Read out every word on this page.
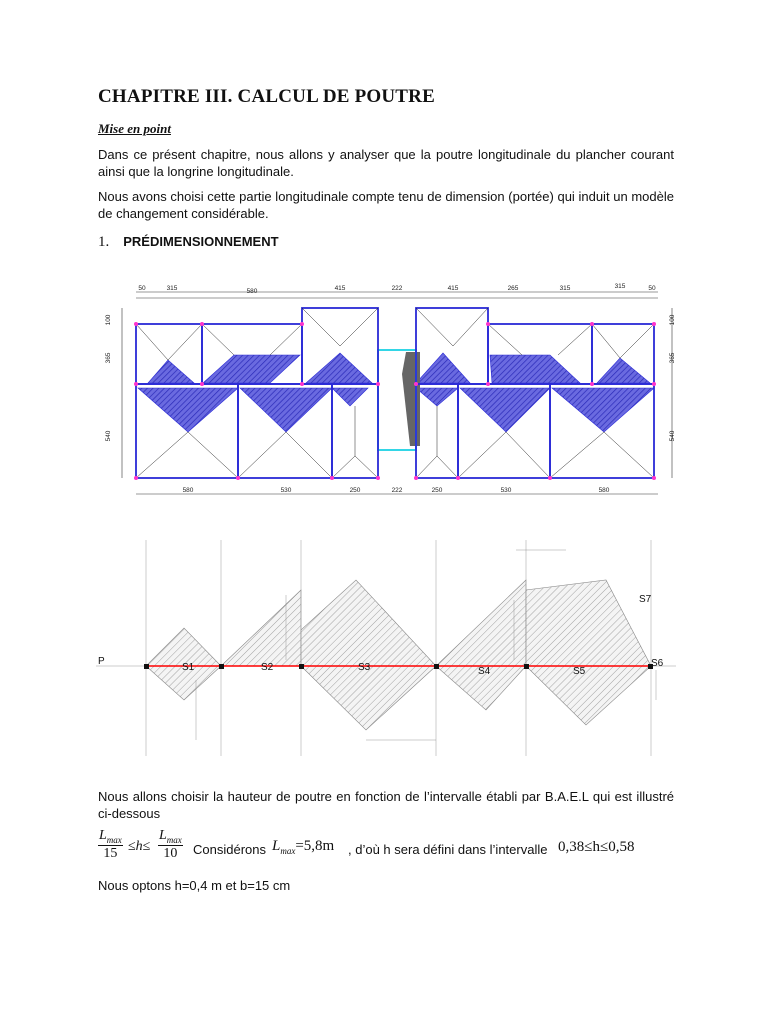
CHAPITRE III. CALCUL DE POUTRE
Mise en point
Dans ce présent chapitre, nous allons y analyser que la poutre longitudinale du plancher courant ainsi que la longrine longitudinale.
Nous avons choisi cette partie longitudinale compte tenu de dimension (portée) qui induit un modèle de changement considérable.
1. PRÉDIMENSIONNEMENT
50	315	580	415	222	415	265	315	315	50
580	530	250	222	250	530	580
100
365
540
100
365
540
P
S1	S2	S3	S4	S5
S6
S7
Nous allons choisir la hauteur de poutre en fonction de l’intervalle établi par B.A.E.L qui est illustré ci-dessous
$L_{max}$
15 ≤h≤
$L_{max}$
10	Considérons $L_{max}=5,8m$ , d’où h sera défini dans l’intervalle 0,38≤h≤0,58
Nous optons h=0,4 m et b=15 cm
